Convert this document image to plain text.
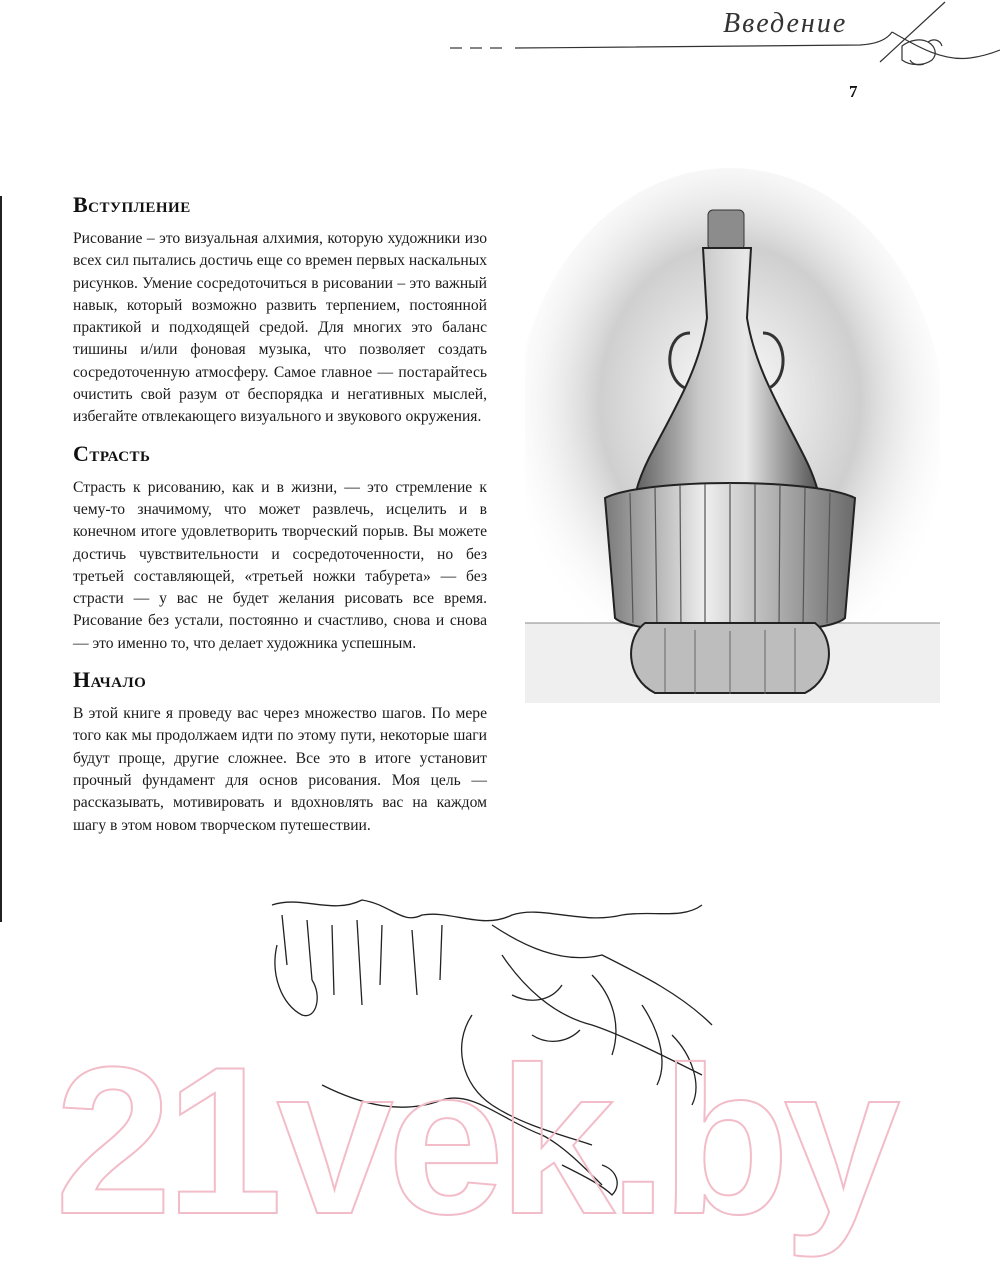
Введение
7
Вступление

Рисование – это визуальная алхимия, которую художники изо всех сил пытались достичь еще со времен первых наскальных рисунков. Умение сосредоточиться в рисовании – это важный навык, который возможно развить терпением, постоянной практикой и подходящей средой. Для многих это баланс тишины и/или фоновая музыка, что позволяет создать сосредоточенную атмосферу. Самое главное — постарайтесь очистить свой разум от беспорядка и негативных мыслей, избегайте отвлекающего визуального и звукового окружения.

Страсть

Страсть к рисованию, как и в жизни, — это стремление к чему-то значимому, что может развлечь, исцелить и в конечном итоге удовлетворить творческий порыв. Вы можете достичь чувствительности и сосредоточенности, но без третьей составляющей, «третьей ножки табурета» — без страсти — у вас не будет желания рисовать все время. Рисование без устали, постоянно и счастливо, снова и снова — это именно то, что делает художника успешным.

Начало

В этой книге я проведу вас через множество шагов. По мере того как мы продолжаем идти по этому пути, некоторые шаги будут проще, другие сложнее. Все это в итоге установит прочный фундамент для основ рисования. Моя цель — рассказывать, мотивировать и вдохновлять вас на каждом шагу в этом новом творческом путешествии.

21vek.by
